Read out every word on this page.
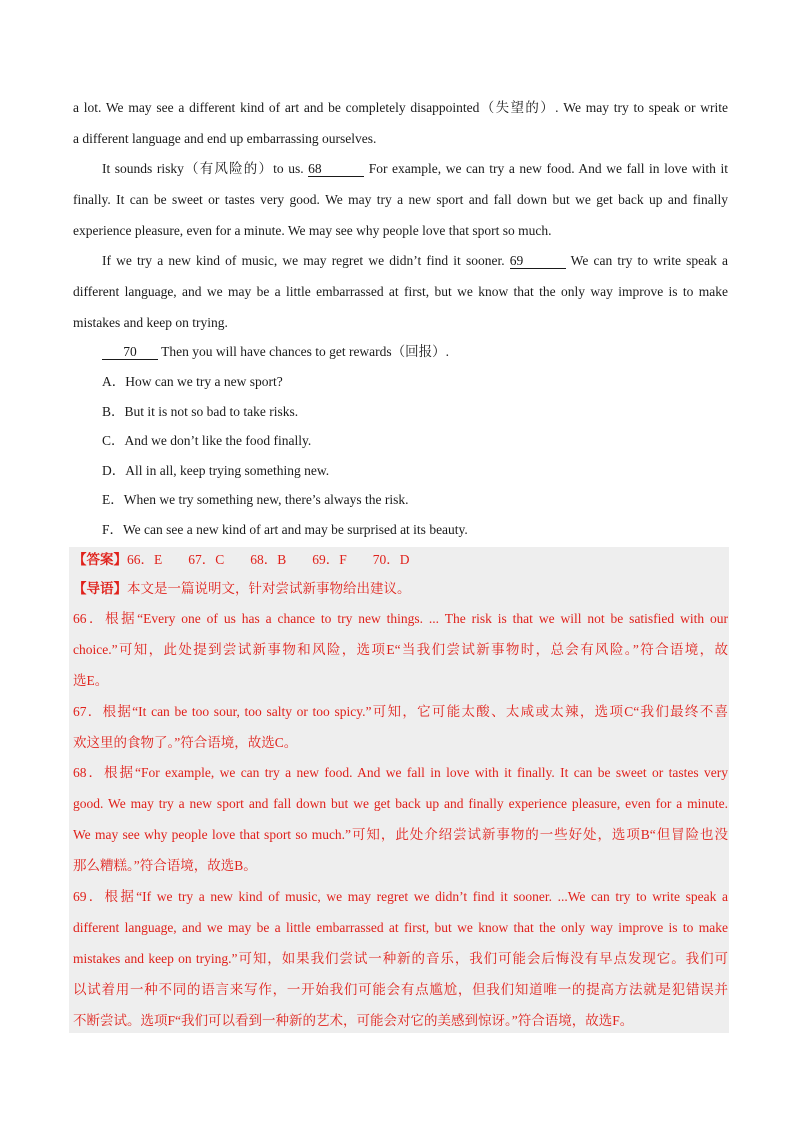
a lot. We may see a different kind of art and be completely disappointed（失望的）. We may try to speak or write
a different language and end up embarrassing ourselves.
It sounds risky（有风险的）to us. 68	For example, we can try a new food. And we fall in love with it
finally. It can be sweet or tastes very good. We may try a new sport and fall down but we get back up and finally
experience pleasure, even for a minute. We may see why people love that sport so much.
If we try a new kind of music, we may regret we didn’t find it sooner. 69	We can try to write speak a
different language, and we may be a little embarrassed at first, but we know that the only way improve is to make
mistakes and keep on trying.
70 Then you will have chances to get rewards（回报）.
A．How can we try a new sport?
B．But it is not so bad to take risks.
C．And we don’t like the food finally.
D．All in all, keep trying something new.
E．When we try something new, there’s always the risk.
F．We can see a new kind of art and may be surprised at its beauty.
【答案】66．E 67．C 68．B 69．F 70．D
【导语】本文是一篇说明文，针对尝试新事物给出建议。
66．根据“Every one of us has a chance to try new things. ... The risk is that we will not be satisfied with our
choice.”可知，此处提到尝试新事物和风险，选项E“当我们尝试新事物时，总会有风险。”符合语境，故
选E。
67．根据“It can be too sour, too salty or too spicy.”可知，它可能太酸、太咸或太辣，选项C“我们最终不喜
欢这里的食物了。”符合语境，故选C。
68．根据“For example, we can try a new food. And we fall in love with it finally. It can be sweet or tastes very
good. We may try a new sport and fall down but we get back up and finally experience pleasure, even for a minute.
We may see why people love that sport so much.”可知，此处介绍尝试新事物的一些好处，选项B“但冒险也没
那么糟糕。”符合语境，故选B。
69．根据“If we try a new kind of music, we may regret we didn’t find it sooner. ...We can try to write speak a
different language, and we may be a little embarrassed at first, but we know that the only way improve is to make
mistakes and keep on trying.”可知，如果我们尝试一种新的音乐，我们可能会后悔没有早点发现它。我们可
以试着用一种不同的语言来写作，一开始我们可能会有点尴尬，但我们知道唯一的提高方法就是犯错误并
不断尝试。选项F“我们可以看到一种新的艺术，可能会对它的美感到惊讶。”符合语境，故选F。
